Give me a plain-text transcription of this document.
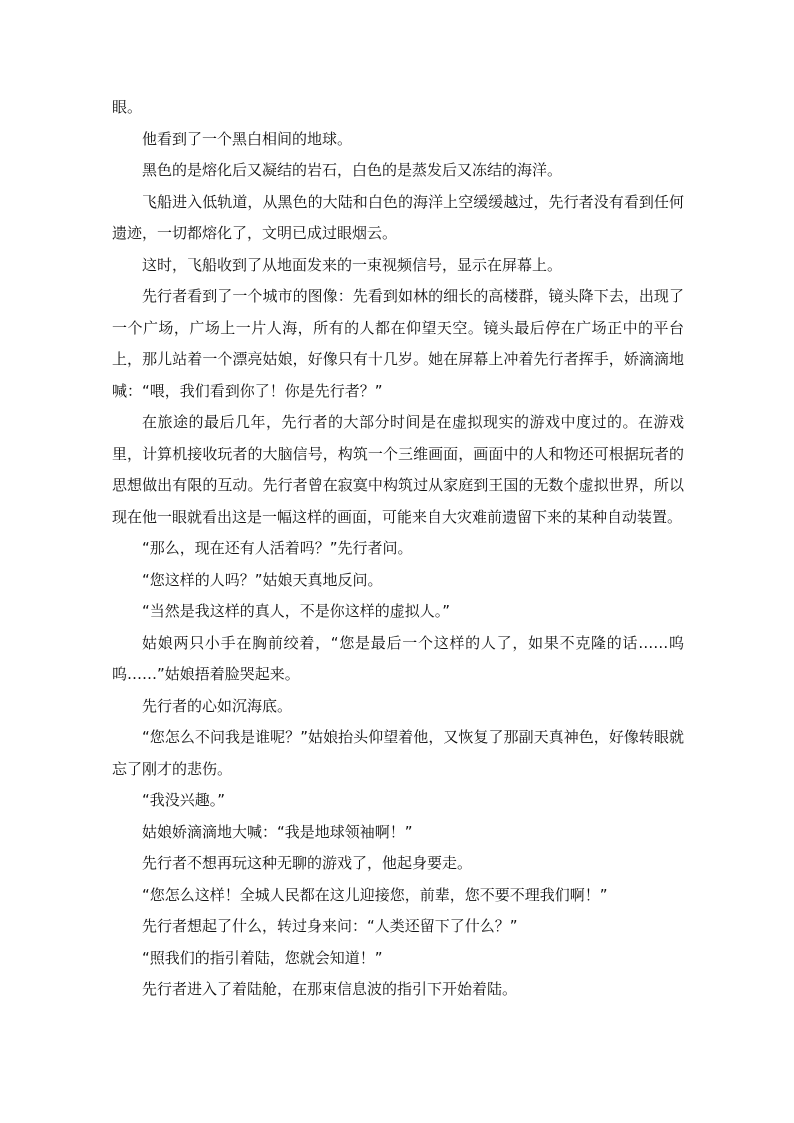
眼。

他看到了一个黑白相间的地球。

黑色的是熔化后又凝结的岩石，白色的是蒸发后又冻结的海洋。

飞船进入低轨道，从黑色的大陆和白色的海洋上空缓缓越过，先行者没有看到任何遗迹，一切都熔化了，文明已成过眼烟云。

这时，飞船收到了从地面发来的一束视频信号，显示在屏幕上。

先行者看到了一个城市的图像：先看到如林的细长的高楼群，镜头降下去，出现了一个广场，广场上一片人海，所有的人都在仰望天空。镜头最后停在广场正中的平台上，那儿站着一个漂亮姑娘，好像只有十几岁。她在屏幕上冲着先行者挥手，娇滴滴地喊：“喂，我们看到你了！你是先行者？”

在旅途的最后几年，先行者的大部分时间是在虚拟现实的游戏中度过的。在游戏里，计算机接收玩者的大脑信号，构筑一个三维画面，画面中的人和物还可根据玩者的思想做出有限的互动。先行者曾在寂寞中构筑过从家庭到王国的无数个虚拟世界，所以现在他一眼就看出这是一幅这样的画面，可能来自大灾难前遗留下来的某种自动装置。

“那么，现在还有人活着吗？”先行者问。

“您这样的人吗？”姑娘天真地反问。

“当然是我这样的真人，不是你这样的虚拟人。”

姑娘两只小手在胸前绞着，“您是最后一个这样的人了，如果不克隆的话……呜呜……”姑娘捂着脸哭起来。

先行者的心如沉海底。

“您怎么不问我是谁呢？”姑娘抬头仰望着他，又恢复了那副天真神色，好像转眼就忘了刚才的悲伤。

“我没兴趣。”

姑娘娇滴滴地大喊：“我是地球领袖啊！”

先行者不想再玩这种无聊的游戏了，他起身要走。

“您怎么这样！全城人民都在这儿迎接您，前辈，您不要不理我们啊！”

先行者想起了什么，转过身来问：“人类还留下了什么？”

“照我们的指引着陆，您就会知道！”

先行者进入了着陆舱，在那束信息波的指引下开始着陆。
